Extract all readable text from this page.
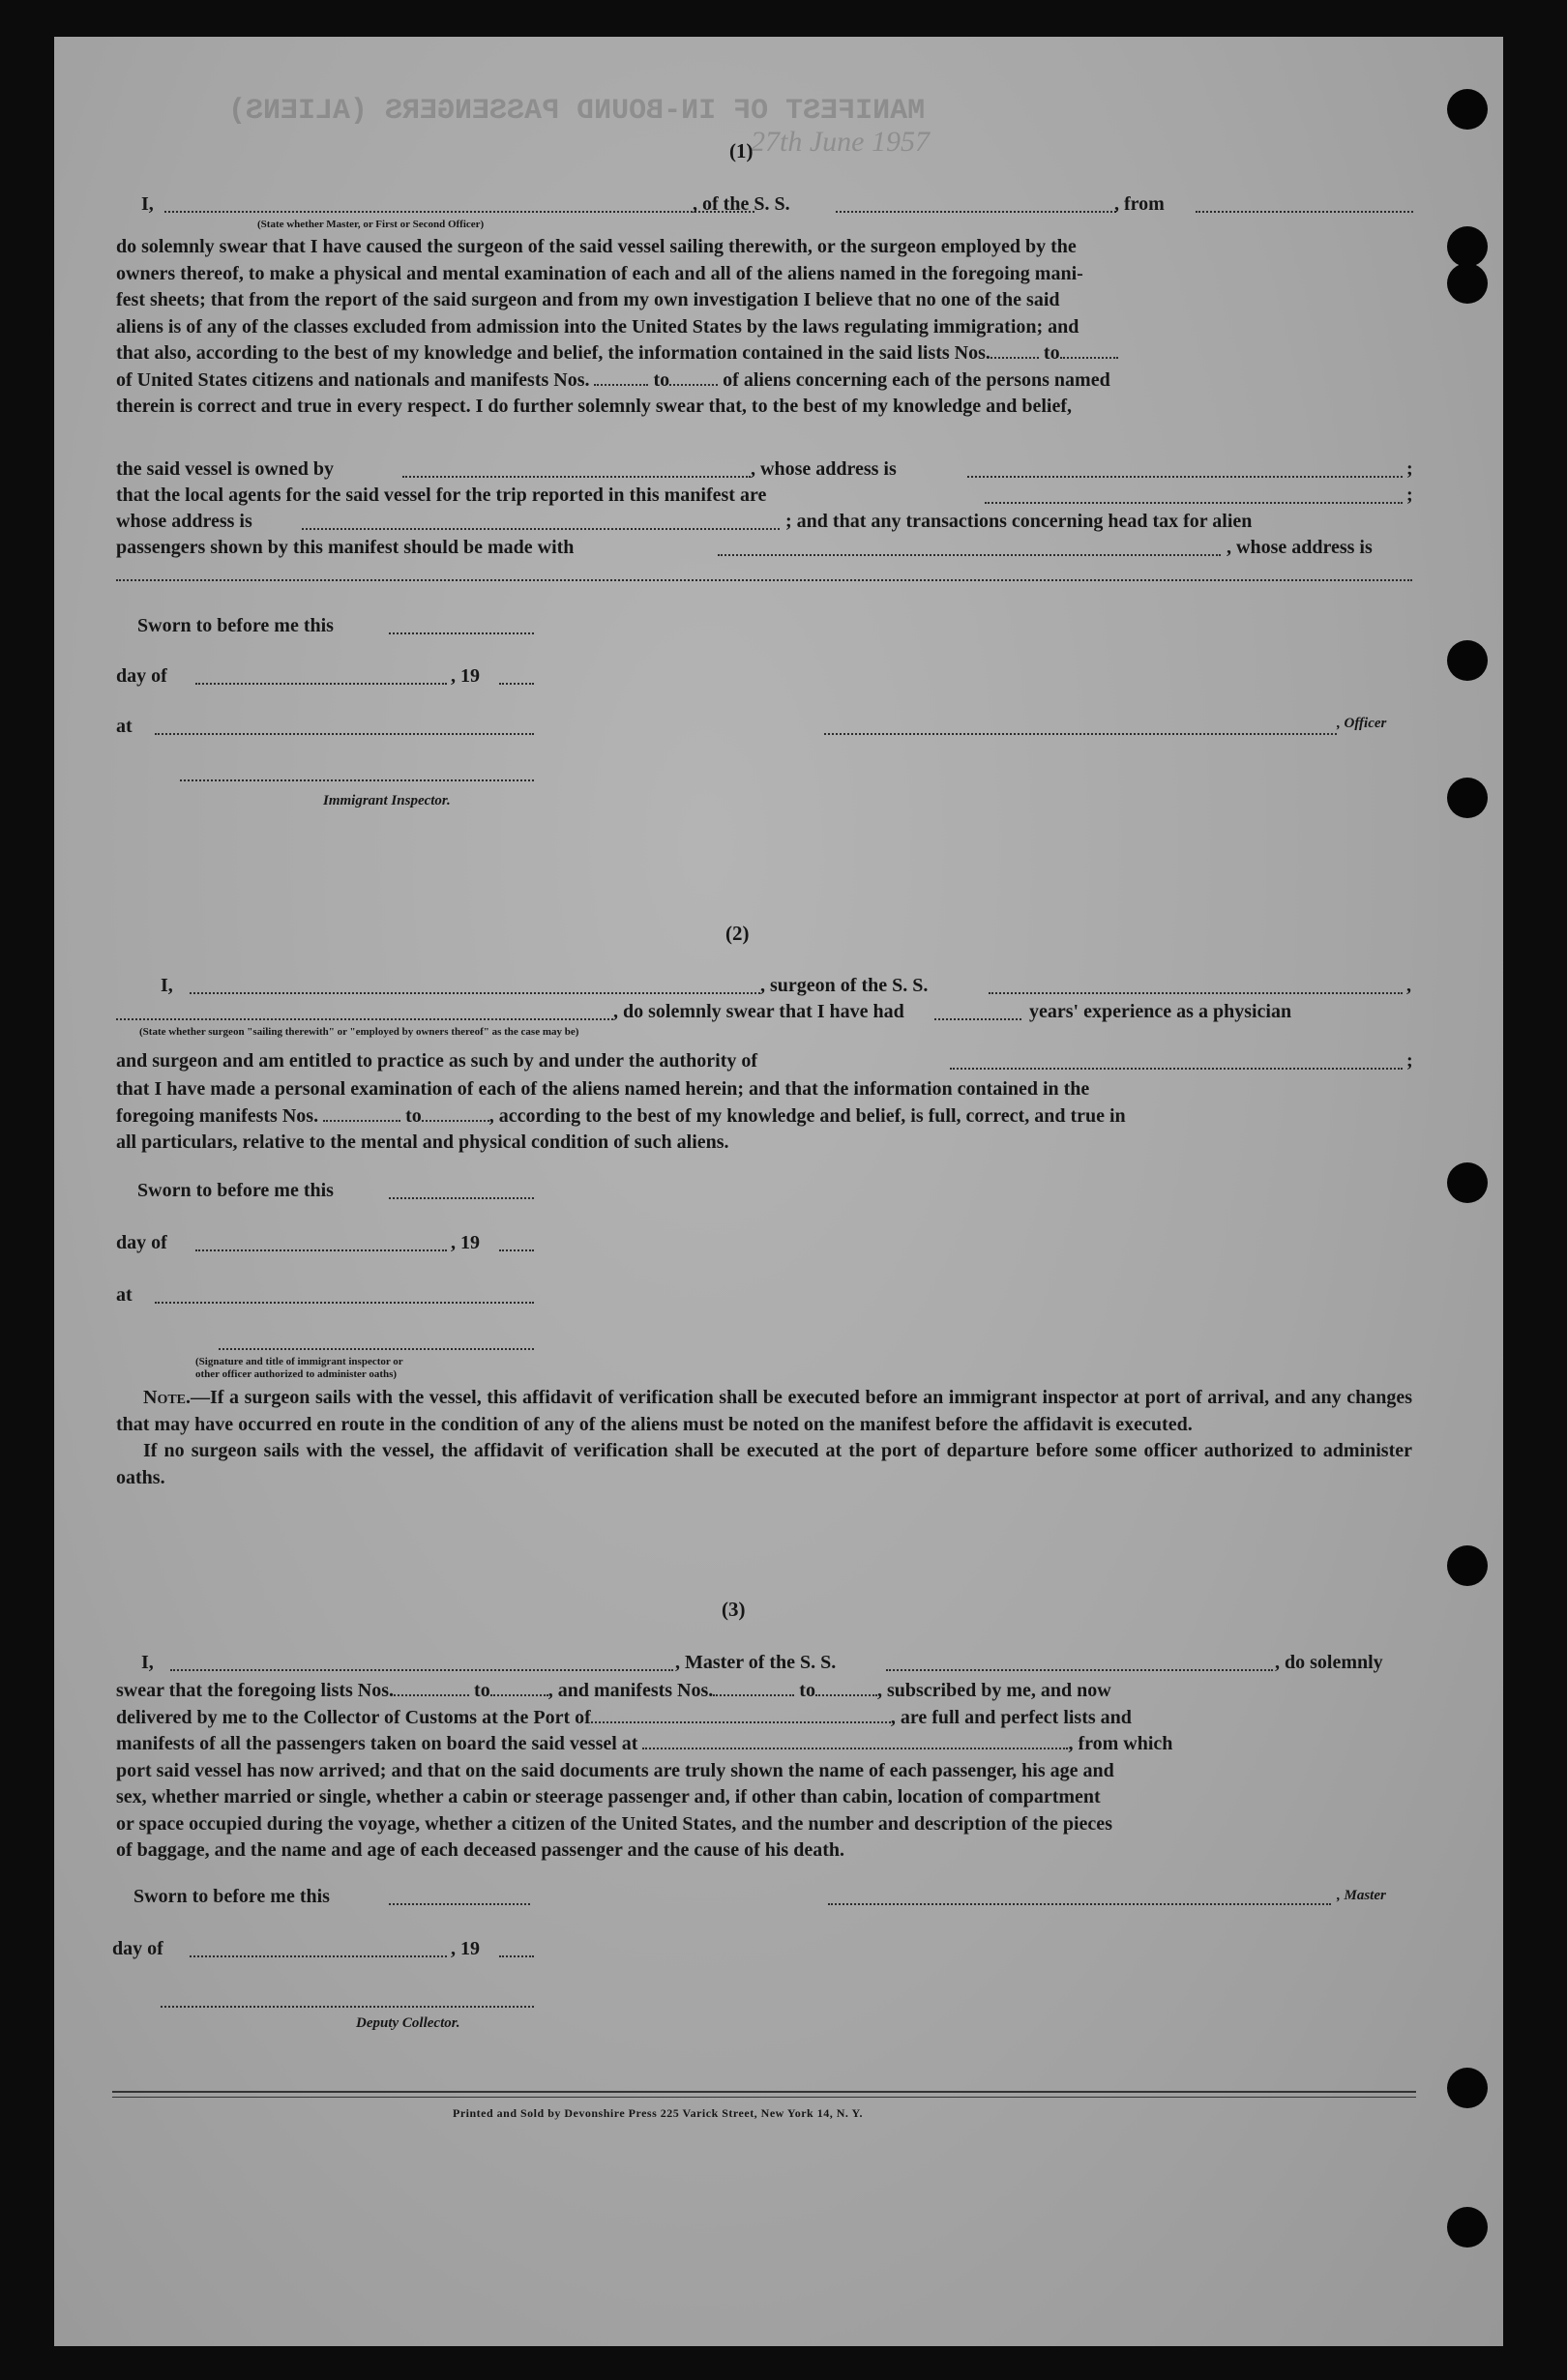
MANIFEST OF IN-BOUND PASSENGERS (ALIENS)
27th June 1957
(1)
I,	, of the S. S.	, from
(State whether Master, or First or Second Officer)

do solemnly swear that I have caused the surgeon of the said vessel sailing therewith, or the surgeon employed by the

owners thereof, to make a physical and mental examination of each and all of the aliens named in the foregoing mani-

fest sheets; that from the report of the said surgeon and from my own investigation I believe that no one of the said

aliens is of any of the classes excluded from admission into the United States by the laws regulating immigration; and

that also, according to the best of my knowledge and belief, the information contained in the said lists Nos.	to

of United States citizens and nationals and manifests Nos.	to	of aliens concerning each of the persons named

therein is correct and true in every respect. I do further solemnly swear that, to the best of my knowledge and belief,

the said vessel is owned by	, whose address is	;
that the local agents for the said vessel for the trip reported in this manifest are	;
whose address is	; and that any transactions concerning head tax for alien
passengers shown by this manifest should be made with	, whose address is
Sworn to before me this
day of	, 19
at	, Officer
Immigrant Inspector.
(2)
I,	, surgeon of the S. S.	,
, do solemnly swear that I have had	years' experience as a physician
(State whether surgeon "sailing therewith" or "employed by owners thereof" as the case may be)
and surgeon and am entitled to practice as such by and under the authority of	;

that I have made a personal examination of each of the aliens named herein; and that the information contained in the

foregoing manifests Nos.	to	, according to the best of my knowledge and belief, is full, correct, and true in

all particulars, relative to the mental and physical condition of such aliens.

Sworn to before me this
day of	, 19
at
(Signature and title of immigrant inspector or
other officer authorized to administer oaths)

Note.—If a surgeon sails with the vessel, this affidavit of verification shall be executed before an immigrant inspector at port of arrival, and any changes that may have occurred en route in the condition of any of the aliens must be noted on the manifest before the affidavit is executed.

If no surgeon sails with the vessel, the affidavit of verification shall be executed at the port of departure before some officer authorized to administer oaths.

(3)
I,	, Master of the S. S.	, do solemnly

swear that the foregoing lists Nos.	to	, and manifests Nos.	to	, subscribed by me, and now

delivered by me to the Collector of Customs at the Port of	, are full and perfect lists and

manifests of all the passengers taken on board the said vessel at	, from which

port said vessel has now arrived; and that on the said documents are truly shown the name of each passenger, his age and

sex, whether married or single, whether a cabin or steerage passenger and, if other than cabin, location of compartment

or space occupied during the voyage, whether a citizen of the United States, and the number and description of the pieces

of baggage, and the name and age of each deceased passenger and the cause of his death.

Sworn to before me this	, Master
day of	, 19
Deputy Collector.
Printed and Sold by Devonshire Press 225 Varick Street, New York 14, N. Y.
